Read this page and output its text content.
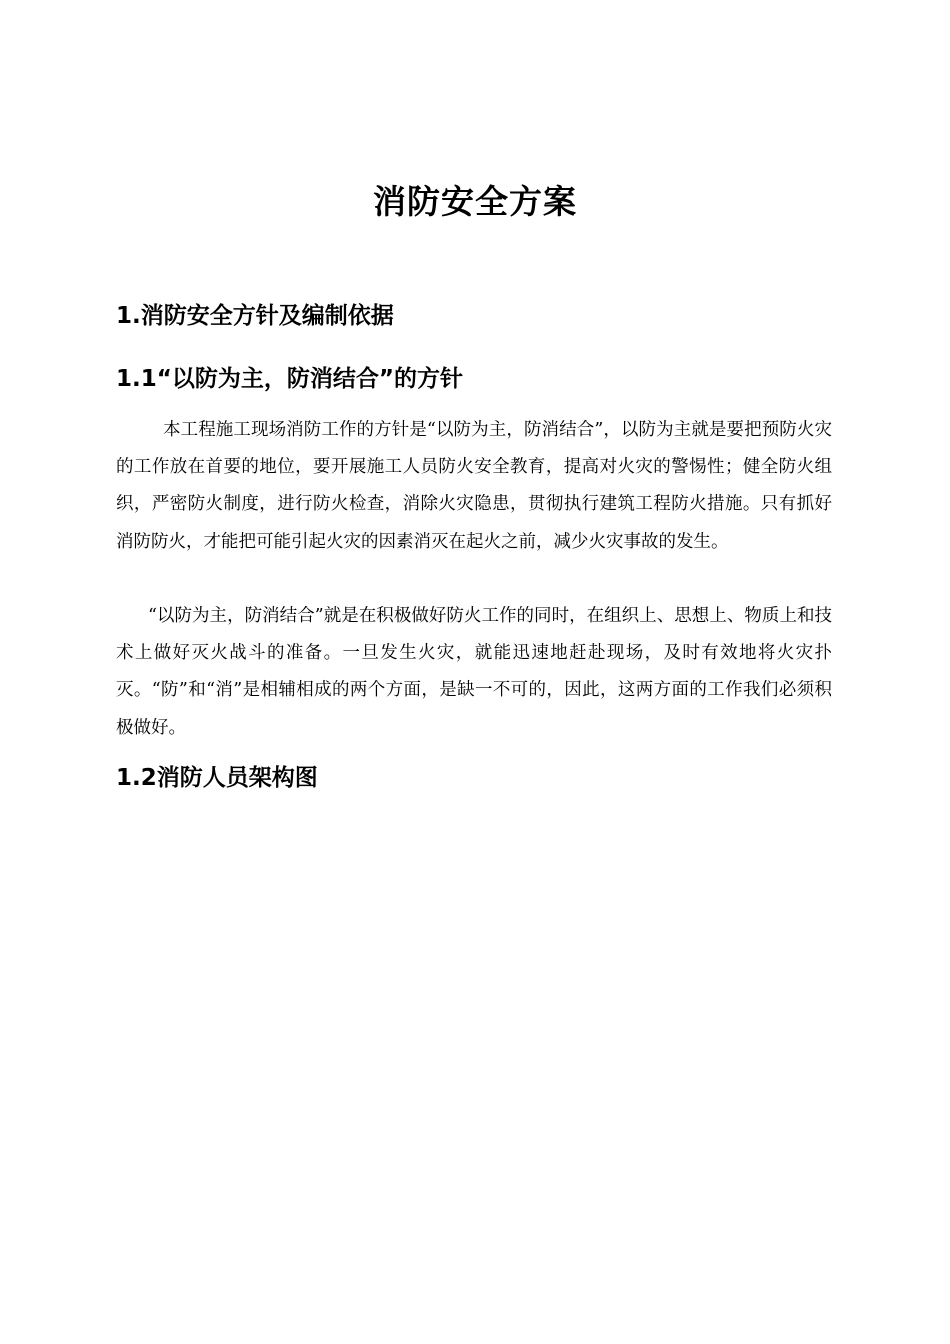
消防安全方案
1.消防安全方针及编制依据
1.1“以防为主，防消结合”的方针

本工程施工现场消防工作的方针是“以防为主，防消结合”，以防为主就是要把预防火灾的工作放在首要的地位，要开展施工人员防火安全教育，提高对火灾的警惕性；健全防火组织，严密防火制度，进行防火检查，消除火灾隐患，贯彻执行建筑工程防火措施。只有抓好消防防火，才能把可能引起火灾的因素消灭在起火之前，减少火灾事故的发生。

“以防为主，防消结合”就是在积极做好防火工作的同时，在组织上、思想上、物质上和技术上做好灭火战斗的准备。一旦发生火灾，就能迅速地赶赴现场，及时有效地将火灾扑灭。“防”和“消”是相辅相成的两个方面，是缺一不可的，因此，这两方面的工作我们必须积极做好。

1.2消防人员架构图
